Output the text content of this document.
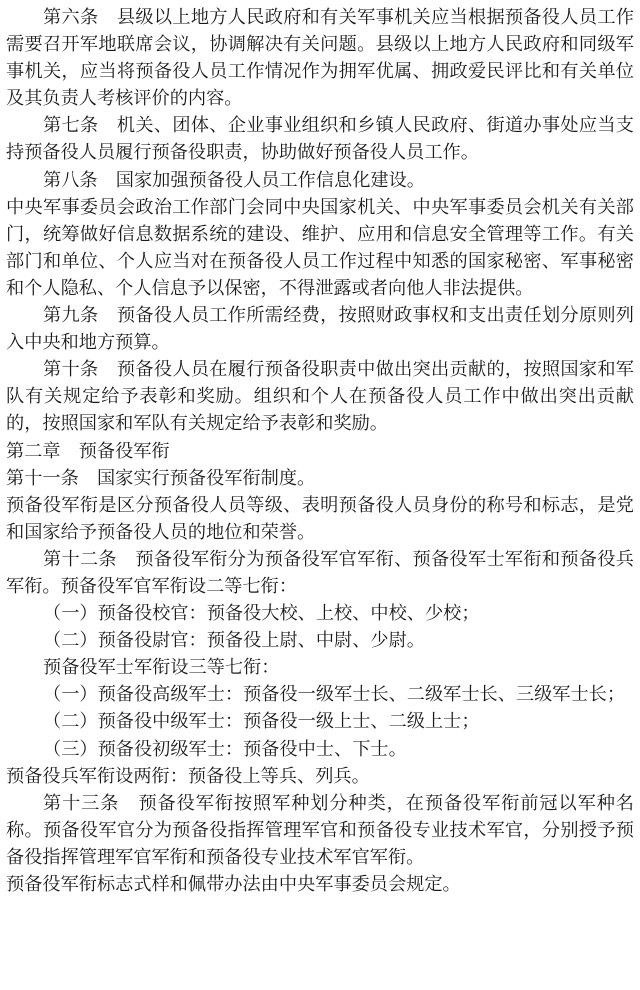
第六条　县级以上地方人民政府和有关军事机关应当根据预备役人员工作需要召开军地联席会议，协调解决有关问题。县级以上地方人民政府和同级军事机关，应当将预备役人员工作情况作为拥军优属、拥政爱民评比和有关单位及其负责人考核评价的内容。

第七条　机关、团体、企业事业组织和乡镇人民政府、街道办事处应当支持预备役人员履行预备役职责，协助做好预备役人员工作。

第八条　国家加强预备役人员工作信息化建设。

中央军事委员会政治工作部门会同中央国家机关、中央军事委员会机关有关部门，统筹做好信息数据系统的建设、维护、应用和信息安全管理等工作。有关部门和单位、个人应当对在预备役人员工作过程中知悉的国家秘密、军事秘密和个人隐私、个人信息予以保密，不得泄露或者向他人非法提供。

第九条　预备役人员工作所需经费，按照财政事权和支出责任划分原则列入中央和地方预算。

第十条　预备役人员在履行预备役职责中做出突出贡献的，按照国家和军队有关规定给予表彰和奖励。组织和个人在预备役人员工作中做出突出贡献的，按照国家和军队有关规定给予表彰和奖励。

第二章　预备役军衔

第十一条　国家实行预备役军衔制度。

预备役军衔是区分预备役人员等级、表明预备役人员身份的称号和标志，是党和国家给予预备役人员的地位和荣誉。

第十二条　预备役军衔分为预备役军官军衔、预备役军士军衔和预备役兵军衔。预备役军官军衔设二等七衔：

（一）预备役校官：预备役大校、上校、中校、少校；

（二）预备役尉官：预备役上尉、中尉、少尉。

预备役军士军衔设三等七衔：

（一）预备役高级军士：预备役一级军士长、二级军士长、三级军士长；

（二）预备役中级军士：预备役一级上士、二级上士；

（三）预备役初级军士：预备役中士、下士。

预备役兵军衔设两衔：预备役上等兵、列兵。

第十三条　预备役军衔按照军种划分种类，在预备役军衔前冠以军种名称。预备役军官分为预备役指挥管理军官和预备役专业技术军官，分别授予预备役指挥管理军官军衔和预备役专业技术军官军衔。

预备役军衔标志式样和佩带办法由中央军事委员会规定。
